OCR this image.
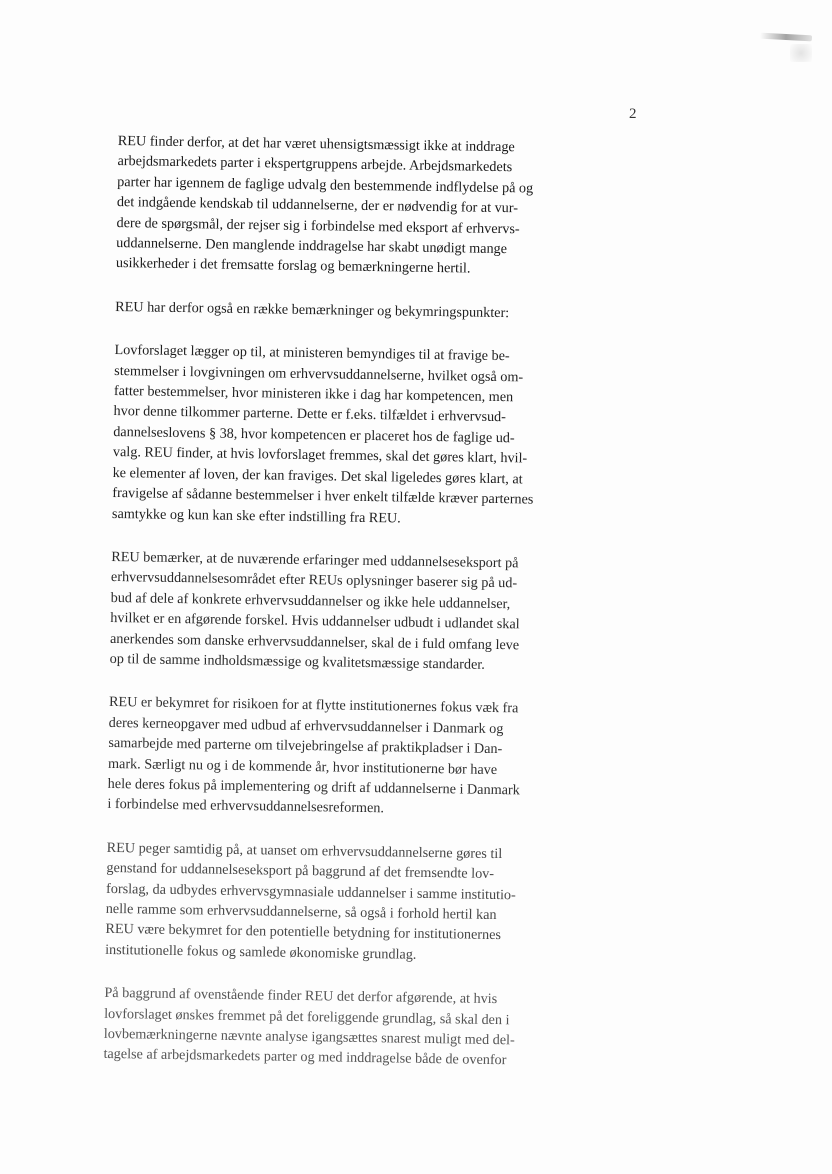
2

REU finder derfor, at det har været uhensigtsmæssigt ikke at inddrage
arbejdsmarkedets parter i ekspertgruppens arbejde. Arbejdsmarkedets
parter har igennem de faglige udvalg den bestemmende indflydelse på og
det indgående kendskab til uddannelserne, der er nødvendig for at vur-
dere de spørgsmål, der rejser sig i forbindelse med eksport af erhvervs-
uddannelserne. Den manglende inddragelse har skabt unødigt mange
usikkerheder i det fremsatte forslag og bemærkningerne hertil.

REU har derfor også en række bemærkninger og bekymringspunkter:

Lovforslaget lægger op til, at ministeren bemyndiges til at fravige be-
stemmelser i lovgivningen om erhvervsuddannelserne, hvilket også om-
fatter bestemmelser, hvor ministeren ikke i dag har kompetencen, men
hvor denne tilkommer parterne. Dette er f.eks. tilfældet i erhvervsud-
dannelseslovens § 38, hvor kompetencen er placeret hos de faglige ud-
valg. REU finder, at hvis lovforslaget fremmes, skal det gøres klart, hvil-
ke elementer af loven, der kan fraviges. Det skal ligeledes gøres klart, at
fravigelse af sådanne bestemmelser i hver enkelt tilfælde kræver parternes
samtykke og kun kan ske efter indstilling fra REU.

REU bemærker, at de nuværende erfaringer med uddannelseseksport på
erhvervsuddannelsesområdet efter REUs oplysninger baserer sig på ud-
bud af dele af konkrete erhvervsuddannelser og ikke hele uddannelser,
hvilket er en afgørende forskel. Hvis uddannelser udbudt i udlandet skal
anerkendes som danske erhvervsuddannelser, skal de i fuld omfang leve
op til de samme indholdsmæssige og kvalitetsmæssige standarder.

REU er bekymret for risikoen for at flytte institutionernes fokus væk fra
deres kerneopgaver med udbud af erhvervsuddannelser i Danmark og
samarbejde med parterne om tilvejebringelse af praktikpladser i Dan-
mark. Særligt nu og i de kommende år, hvor institutionerne bør have
hele deres fokus på implementering og drift af uddannelserne i Danmark
i forbindelse med erhvervsuddannelsesreformen.

REU peger samtidig på, at uanset om erhvervsuddannelserne gøres til
genstand for uddannelseseksport på baggrund af det fremsendte lov-
forslag, da udbydes erhvervsgymnasiale uddannelser i samme institutio-
nelle ramme som erhvervsuddannelserne, så også i forhold hertil kan
REU være bekymret for den potentielle betydning for institutionernes
institutionelle fokus og samlede økonomiske grundlag.

På baggrund af ovenstående finder REU det derfor afgørende, at hvis
lovforslaget ønskes fremmet på det foreliggende grundlag, så skal den i
lovbemærkningerne nævnte analyse igangsættes snarest muligt med del-
tagelse af arbejdsmarkedets parter og med inddragelse både de ovenfor
